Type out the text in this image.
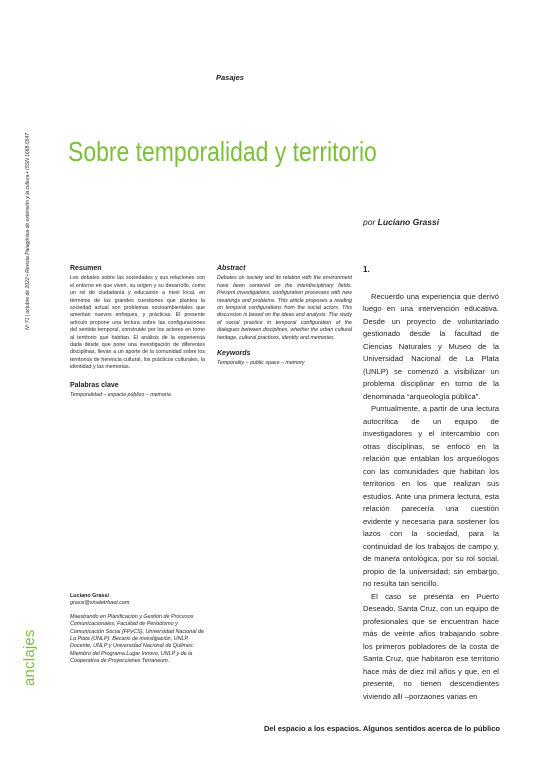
Nº 71 | octubre de 2022 • Revista Patagónica de extensión y la cultura • ISSN 1668-5547
anclajes
Pasajes
Sobre temporalidad y territorio
por Luciano Grassi
Resumen

Los debates sobre las sociedades y sus relaciones con el entorno en que viven, su origen y su desarrollo, como un rol de ciudadanía y educación a nivel local, en términos de las grandes cuestiones que plantea la sociedad actual son problemas socioambientales que ameritan nuevos enfoques, y prácticas. El presente artículo propone una lectura sobre las configuraciones del sentido temporal, construido por los actores en torno al territorio que habitan. El análisis de la experiencia dada desde que pone una investigación de diferentes disciplinas, llevan a un aporte de la comunidad sobre los territorios de herencia cultural, los prácticos culturales, la identidad y las memorias.

Palabras clave
Temporalidad – espacio público – memoria
Abstract

Debates on society and its relation with the environment have been centered on the interdisciplinary fields. Present investigations, configuration processes with new meanings and problems. This article proposes a reading on temporal configurations from the social actors. This discussion is based on the ideas and analysis. The study of social practice in temporal configuration of the dialogues between disciplines, whether the urban cultural heritage, cultural practices, identity and memories.

Keywords
Temporality – public space – memory
Luciano Grassi
grassi@sinaletrhaot.com

Maestrando en Planificación y Gestión de Procesos Comunicacionales, Facultad de Periodismo y Comunicación Social (FPyCS), Universidad Nacional de La Plata (UNLP). Becario de investigación, UNLP. Docente, UNLP y Universidad Nacional de Quilmes. Miembro del Programa Lugar Innovo, UNLP y de la Cooperativa de Proyecciones Terraneum.

1.

Recuerdo una experiencia que derivó luego en una intervención educativa. Desde un proyecto de voluntariado gestionado desde la facultad de Ciencias Naturales y Museo de la Universidad Nacional de La Plata (UNLP) se comenzó a visibilizar un problema disciplinar en torno de la denominada “arqueología pública”.

Puntualmente, a partir de una lectura autocrítica de un equipo de investigadores y el intercambio con otras disciplinas, se enfocó en la relación que entablan los arqueólogos con las comunidades que habitan los territorios en los que realizan sus estudios. Ante una primera lectura, esta relación parecería una cuestión evidente y necesaria para sostener los lazos con la sociedad, para la continuidad de los trabajos de campo y, de manera ontológica, por su rol social, propio de la universidad; sin embargo, no resulta tan sencillo.

El caso se presenta en Puerto Deseado, Santa Cruz, con un equipo de profesionales que se encuentran hace más de veinte años trabajando sobre los primeros pobladores de la costa de Santa Cruz, que habitaron ese territorio hace más de diez mil años y que, en el presente, no tienen descendientes viviendo allí –porzaones varias en

Del espacio a los espacios. Algunos sentidos acerca de lo público
